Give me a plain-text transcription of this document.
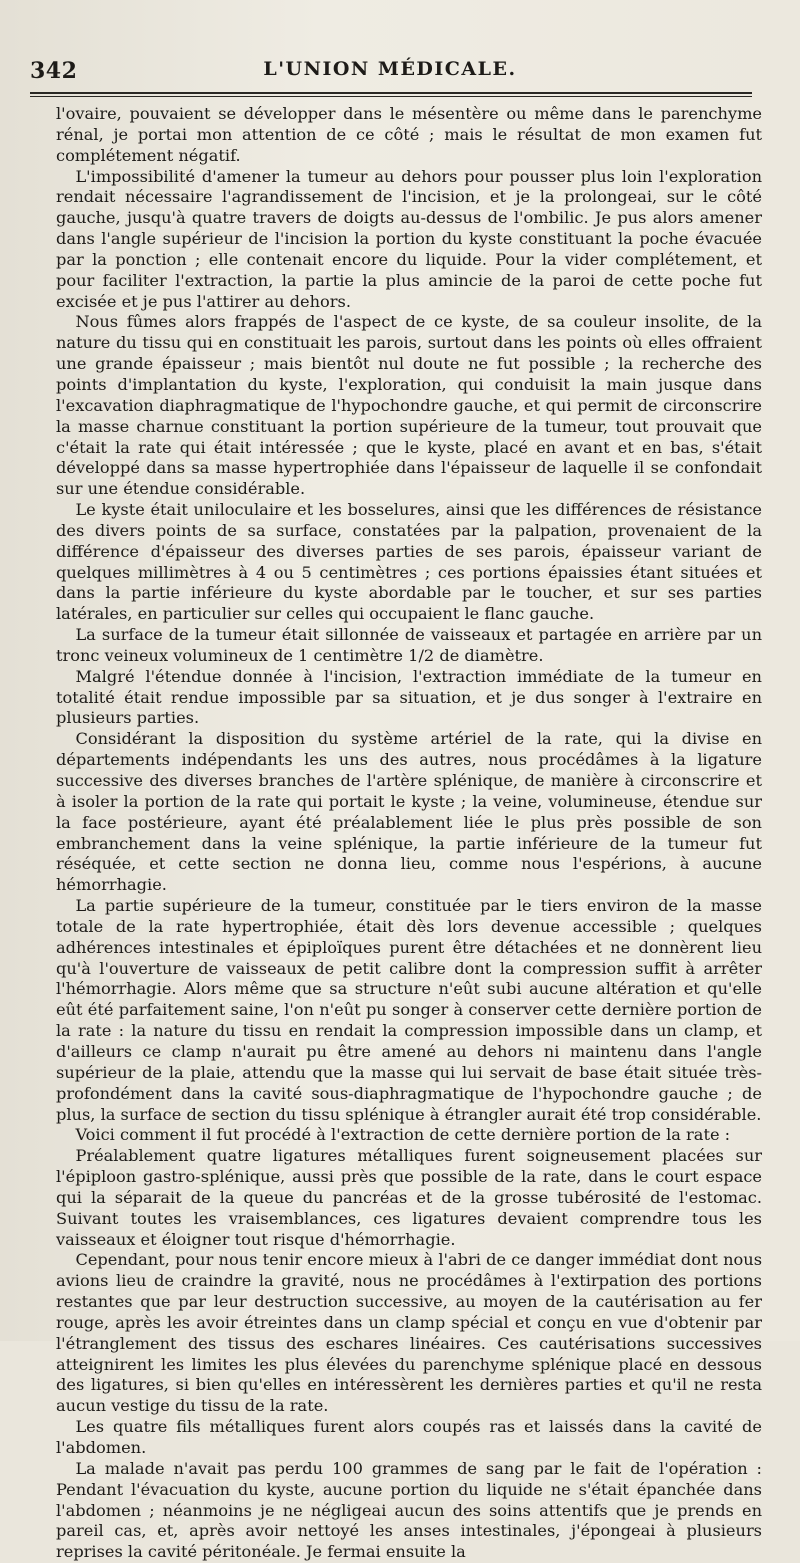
342	L'UNION MÉDICALE.

l'ovaire, pouvaient se développer dans le mésentère ou même dans le parenchyme rénal, je portai mon attention de ce côté ; mais le résultat de mon examen fut complétement négatif.

L'impossibilité d'amener la tumeur au dehors pour pousser plus loin l'exploration rendait nécessaire l'agrandissement de l'incision, et je la prolongeai, sur le côté gauche, jusqu'à quatre travers de doigts au-dessus de l'ombilic. Je pus alors amener dans l'angle supérieur de l'incision la portion du kyste constituant la poche évacuée par la ponction ; elle contenait encore du liquide. Pour la vider complétement, et pour faciliter l'extraction, la partie la plus amincie de la paroi de cette poche fut excisée et je pus l'attirer au dehors.

Nous fûmes alors frappés de l'aspect de ce kyste, de sa couleur insolite, de la nature du tissu qui en constituait les parois, surtout dans les points où elles offraient une grande épaisseur ; mais bientôt nul doute ne fut possible ; la recherche des points d'implantation du kyste, l'exploration, qui conduisit la main jusque dans l'excavation diaphragmatique de l'hypochondre gauche, et qui permit de circonscrire la masse charnue constituant la portion supérieure de la tumeur, tout prouvait que c'était la rate qui était intéressée ; que le kyste, placé en avant et en bas, s'était développé dans sa masse hypertrophiée dans l'épaisseur de laquelle il se confondait sur une étendue considérable.

Le kyste était uniloculaire et les bosselures, ainsi que les différences de résistance des divers points de sa surface, constatées par la palpation, provenaient de la différence d'épaisseur des diverses parties de ses parois, épaisseur variant de quelques millimètres à 4 ou 5 centimètres ; ces portions épaissies étant situées et dans la partie inférieure du kyste abordable par le toucher, et sur ses parties latérales, en particulier sur celles qui occupaient le flanc gauche.

La surface de la tumeur était sillonnée de vaisseaux et partagée en arrière par un tronc veineux volumineux de 1 centimètre 1/2 de diamètre.

Malgré l'étendue donnée à l'incision, l'extraction immédiate de la tumeur en totalité était rendue impossible par sa situation, et je dus songer à l'extraire en plusieurs parties.

Considérant la disposition du système artériel de la rate, qui la divise en départements indépendants les uns des autres, nous procédâmes à la ligature successive des diverses branches de l'artère splénique, de manière à circonscrire et à isoler la portion de la rate qui portait le kyste ; la veine, volumineuse, étendue sur la face postérieure, ayant été préalablement liée le plus près possible de son embranchement dans la veine splénique, la partie inférieure de la tumeur fut réséquée, et cette section ne donna lieu, comme nous l'espérions, à aucune hémorrhagie.

La partie supérieure de la tumeur, constituée par le tiers environ de la masse totale de la rate hypertrophiée, était dès lors devenue accessible ; quelques adhérences intestinales et épiploïques purent être détachées et ne donnèrent lieu qu'à l'ouverture de vaisseaux de petit calibre dont la compression suffit à arrêter l'hémorrhagie. Alors même que sa structure n'eût subi aucune altération et qu'elle eût été parfaitement saine, l'on n'eût pu songer à conserver cette dernière portion de la rate : la nature du tissu en rendait la compression impossible dans un clamp, et d'ailleurs ce clamp n'aurait pu être amené au dehors ni maintenu dans l'angle supérieur de la plaie, attendu que la masse qui lui servait de base était située très-profondément dans la cavité sous-diaphragmatique de l'hypochondre gauche ; de plus, la surface de section du tissu splénique à étrangler aurait été trop considérable.

Voici comment il fut procédé à l'extraction de cette dernière portion de la rate :

Préalablement quatre ligatures métalliques furent soigneusement placées sur l'épiploon gastro-splénique, aussi près que possible de la rate, dans le court espace qui la séparait de la queue du pancréas et de la grosse tubérosité de l'estomac. Suivant toutes les vraisemblances, ces ligatures devaient comprendre tous les vaisseaux et éloigner tout risque d'hémorrhagie.

Cependant, pour nous tenir encore mieux à l'abri de ce danger immédiat dont nous avions lieu de craindre la gravité, nous ne procédâmes à l'extirpation des portions restantes que par leur destruction successive, au moyen de la cautérisation au fer rouge, après les avoir étreintes dans un clamp spécial et conçu en vue d'obtenir par l'étranglement des tissus des eschares linéaires. Ces cautérisations successives atteignirent les limites les plus élevées du parenchyme splénique placé en dessous des ligatures, si bien qu'elles en intéressèrent les dernières parties et qu'il ne resta aucun vestige du tissu de la rate.

Les quatre fils métalliques furent alors coupés ras et laissés dans la cavité de l'abdomen.

La malade n'avait pas perdu 100 grammes de sang par le fait de l'opération : Pendant l'évacuation du kyste, aucune portion du liquide ne s'était épanchée dans l'abdomen ; néanmoins je ne négligeai aucun des soins attentifs que je prends en pareil cas, et, après avoir nettoyé les anses intestinales, j'épongeai à plusieurs reprises la cavité péritonéale. Je fermai ensuite la
